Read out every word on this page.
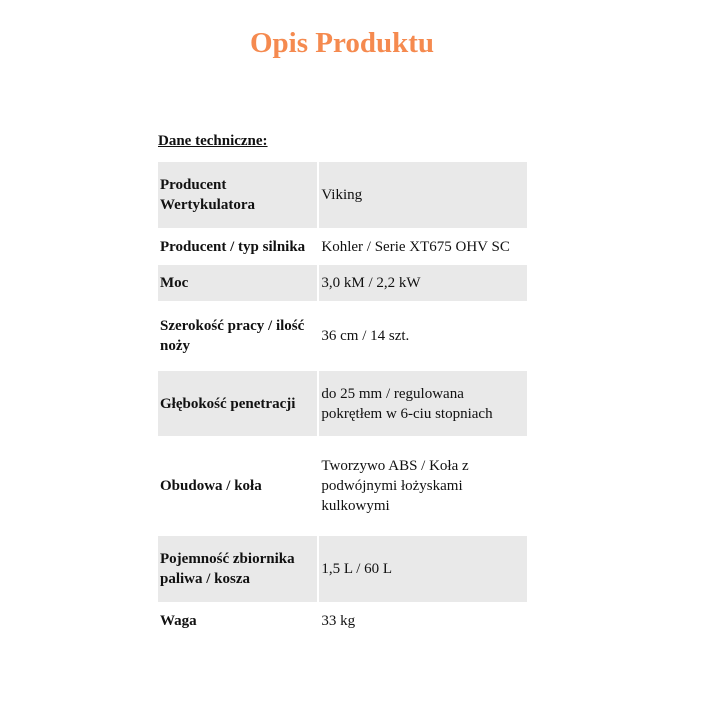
Opis Produktu
Dane techniczne:
Producent Wertykulatora	Viking
Producent / typ silnika	Kohler / Serie XT675 OHV SC
Moc	3,0 kM / 2,2 kW
Szerokość pracy / ilość noży	36 cm / 14 szt.
Głębokość penetracji	do 25 mm / regulowana pokrętłem w 6-ciu stopniach
Obudowa / koła	Tworzywo ABS / Koła z podwójnymi łożyskami kulkowymi
Pojemność zbiornika paliwa / kosza	1,5 L / 60 L
Waga	33 kg
